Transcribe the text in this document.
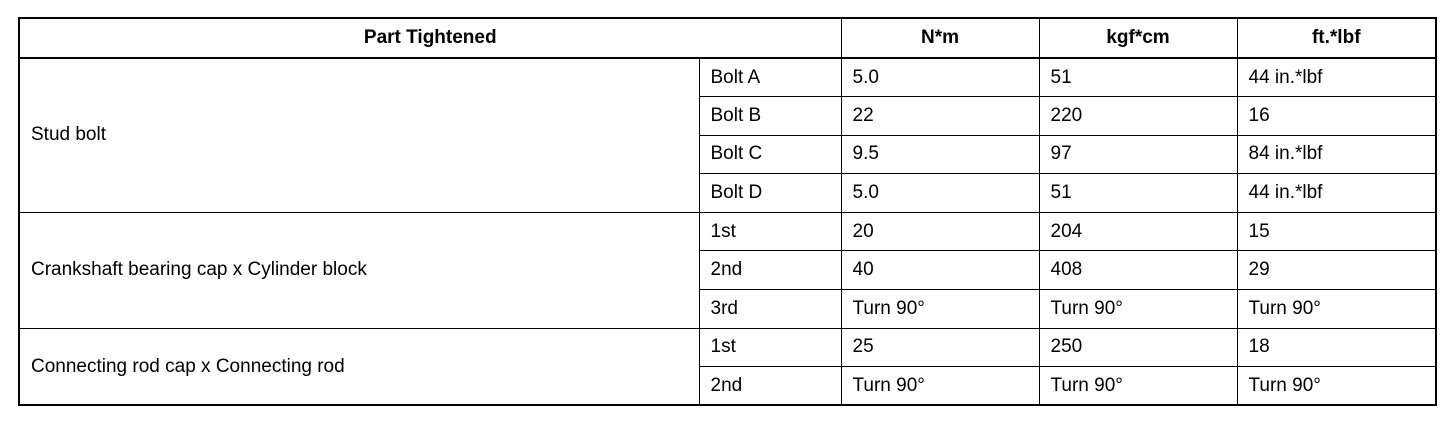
Part Tightened		N*m	kgf*cm	ft.*lbf
Stud bolt	Bolt A	5.0	51	44 in.*lbf
	Bolt B	22	220	16
	Bolt C	9.5	97	84 in.*lbf
	Bolt D	5.0	51	44 in.*lbf
Crankshaft bearing cap x Cylinder block	1st	20	204	15
	2nd	40	408	29
	3rd	Turn 90°	Turn 90°	Turn 90°
Connecting rod cap x Connecting rod	1st	25	250	18
	2nd	Turn 90°	Turn 90°	Turn 90°
